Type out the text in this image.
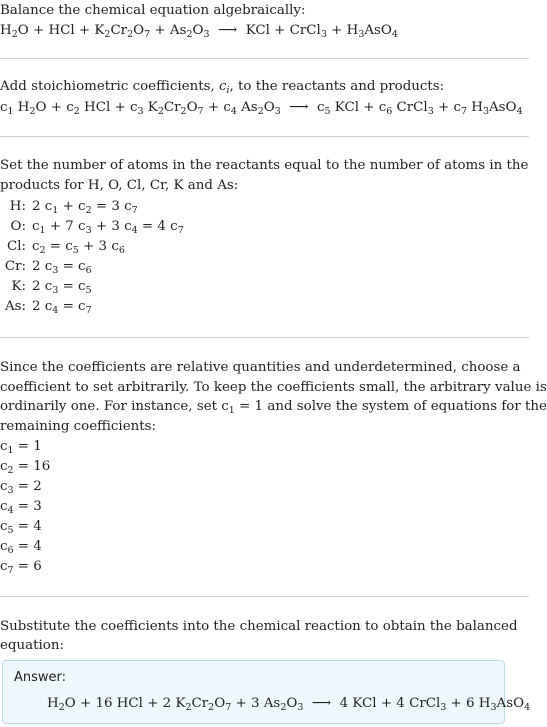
Balance the chemical equation algebraically:
$H_2O$ + HCl + $K_2Cr_2O_7 + As_2O_3$  ⟶  KCl + CrCl$_3$ + $H_3AsO_4$
Add stoichiometric coefficients, $c_i$, to the reactants and products:
$c_1$ $H_2O + c_2$ HCl + $c_3$ $K_2Cr_2O_7 + c_4$ $As_2O_3$  ⟶  $c_5$ KCl + $c_6$ CrCl$_3$ + $c_7$ $H_3AsO_4$
Set the number of atoms in the reactants equal to the number of atoms in the
products for H, O, Cl, Cr, K and As:
H: 2 $c_1 + c_2 = 3$ $c_7$
O: $c_1 + 7$ $c_3 + 3$ $c_4 = 4$ $c_7$
Cl: $c_2 = c_5 + 3$ $c_6$
Cr: 2 $c_3 = c_6$
K: 2 $c_3 = c_5$
As: 2 $c_4 = c_7$
Since the coefficients are relative quantities and underdetermined, choose a
coefficient to set arbitrarily. To keep the coefficients small, the arbitrary value is
ordinarily one. For instance, set $c_1 = 1$ and solve the system of equations for the
remaining coefficients:
$c_1 = 1$
$c_2 = 16$
$c_3 = 2$
$c_4 = 3$
$c_5 = 4$
$c_6 = 4$
$c_7 = 6$
Substitute the coefficients into the chemical reaction to obtain the balanced
equation:
Answer:
$H_2O + 16$ HCl + 2 $K_2Cr_2O_7 + 3$ $As_2O_3$  ⟶  4 KCl + 4 CrCl$_3$ + 6 $H_3AsO_4$
